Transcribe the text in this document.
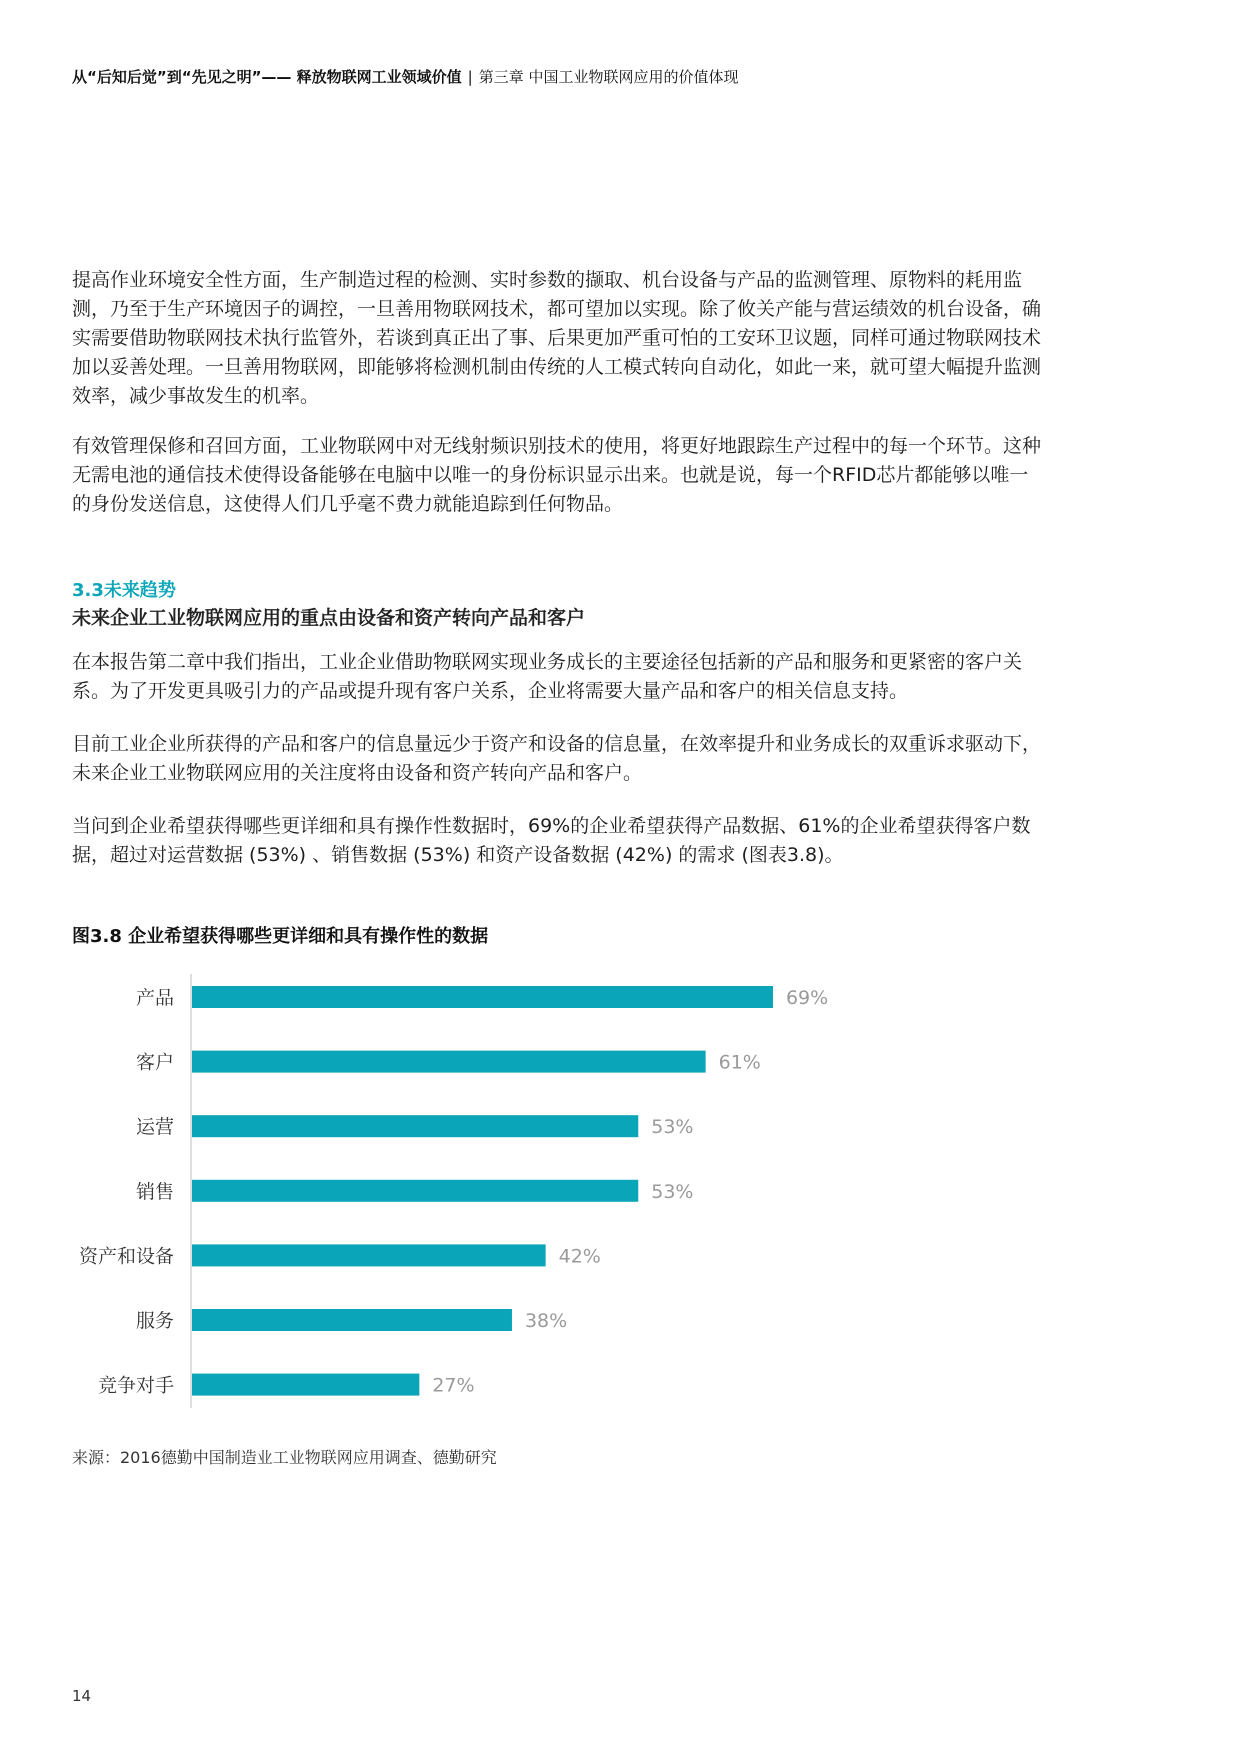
从“后知后觉”到“先见之明”—— 释放物联网工业领域价值 | 第三章 中国工业物联网应用的价值体现

提高作业环境安全性方面，生产制造过程的检测、实时参数的撷取、机台设备与产品的监测管理、原物料的耗用监测，乃至于生产环境因子的调控，一旦善用物联网技术，都可望加以实现。除了攸关产能与营运绩效的机台设备，确实需要借助物联网技术执行监管外，若谈到真正出了事、后果更加严重可怕的工安环卫议题，同样可通过物联网技术加以妥善处理。一旦善用物联网，即能够将检测机制由传统的人工模式转向自动化，如此一来，就可望大幅提升监测效率，减少事故发生的机率。

有效管理保修和召回方面，工业物联网中对无线射频识别技术的使用，将更好地跟踪生产过程中的每一个环节。这种无需电池的通信技术使得设备能够在电脑中以唯一的身份标识显示出来。也就是说，每一个RFID芯片都能够以唯一的身份发送信息，这使得人们几乎毫不费力就能追踪到任何物品。

3.3未来趋势
未来企业工业物联网应用的重点由设备和资产转向产品和客户

在本报告第二章中我们指出，工业企业借助物联网实现业务成长的主要途径包括新的产品和服务和更紧密的客户关系。为了开发更具吸引力的产品或提升现有客户关系，企业将需要大量产品和客户的相关信息支持。

目前工业企业所获得的产品和客户的信息量远少于资产和设备的信息量，在效率提升和业务成长的双重诉求驱动下，未来企业工业物联网应用的关注度将由设备和资产转向产品和客户。

当问到企业希望获得哪些更详细和具有操作性数据时，69%的企业希望获得产品数据、61%的企业希望获得客户数据，超过对运营数据 (53%) 、销售数据 (53%) 和资产设备数据 (42%) 的需求 (图表3.8)。

图3.8 企业希望获得哪些更详细和具有操作性的数据
产品	69%
客户	61%
运营	53%
销售	53%
资产和设备	42%
服务	38%
竞争对手	27%
来源：2016德勤中国制造业工业物联网应用调查、德勤研究
14
